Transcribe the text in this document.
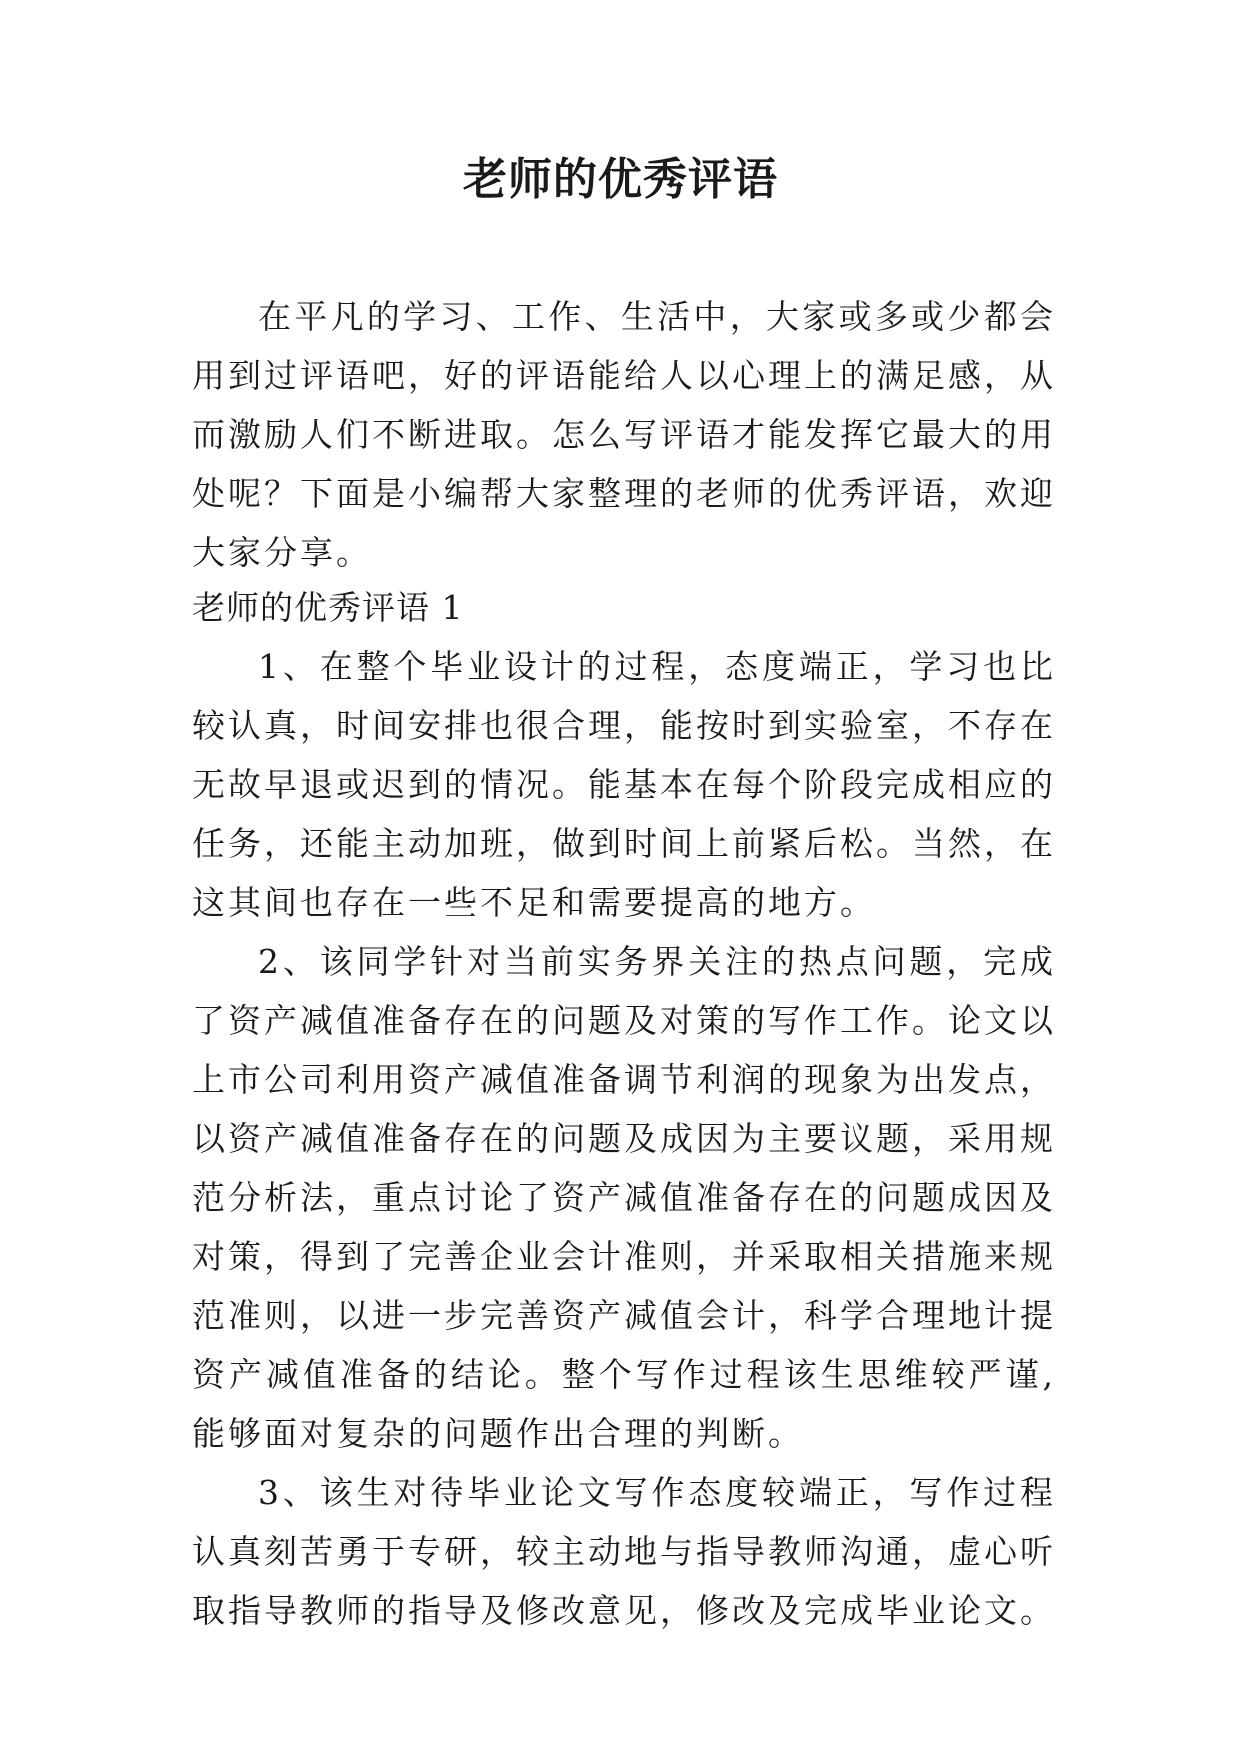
老师的优秀评语

在平凡的学习、工作、生活中，大家或多或少都会用到过评语吧，好的评语能给人以心理上的满足感，从而激励人们不断进取。怎么写评语才能发挥它最大的用处呢？下面是小编帮大家整理的老师的优秀评语，欢迎大家分享。

老师的优秀评语 1

1、在整个毕业设计的过程，态度端正，学习也比较认真，时间安排也很合理，能按时到实验室，不存在无故早退或迟到的情况。能基本在每个阶段完成相应的任务，还能主动加班，做到时间上前紧后松。当然，在这其间也存在一些不足和需要提高的地方。

2、该同学针对当前实务界关注的热点问题，完成了资产减值准备存在的问题及对策的写作工作。论文以上市公司利用资产减值准备调节利润的现象为出发点，以资产减值准备存在的问题及成因为主要议题，采用规范分析法，重点讨论了资产减值准备存在的问题成因及对策，得到了完善企业会计准则，并采取相关措施来规范准则，以进一步完善资产减值会计，科学合理地计提资产减值准备的结论。整个写作过程该生思维较严谨,能够面对复杂的问题作出合理的判断。

3、该生对待毕业论文写作态度较端正，写作过程认真刻苦勇于专研，较主动地与指导教师沟通，虚心听取指导教师的指导及修改意见，修改及完成毕业论文。
